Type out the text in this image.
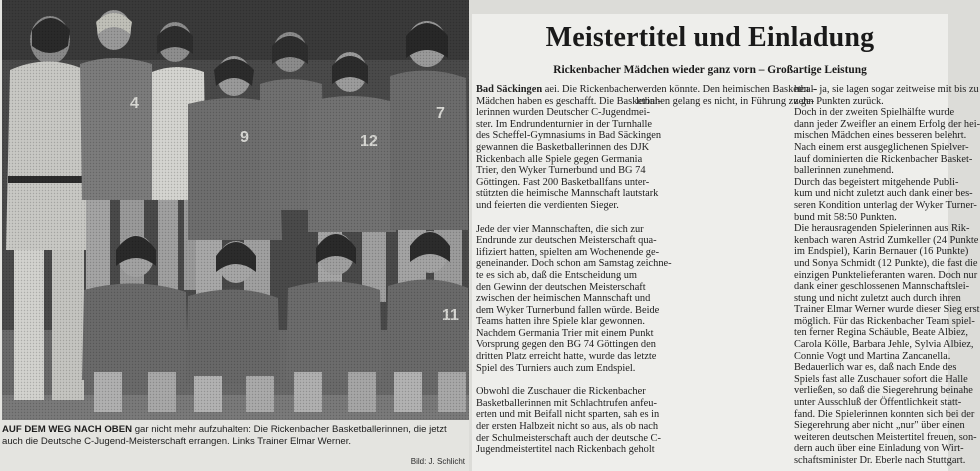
AUF DEM WEG NACH OBEN gar nicht mehr aufzuhalten: Die Rickenbacher Basketballerinnen, die jetzt auch die Deutsche C-Jugend-Meisterschaft errangen. Links Trainer Elmar Werner.
Bild: J. Schlicht
Meistertitel und Einladung
Rickenbacher Mädchen wieder ganz vorn – Großartige Leistung
Bad Säckingen aei. Die Rickenbacher
Mädchen haben es geschafft. Die Basketbal-
lerinnen wurden Deutscher C-Jugendmei-
ster. Im Endrundenturnier in der Turnhalle
des Scheffel-Gymnasiums in Bad Säckingen
gewannen die Basketballerinnen des DJK
Rickenbach alle Spiele gegen Germania
Trier, den Wyker Turnerbund und BG 74
Göttingen. Fast 200 Basketballfans unter-
stützten die heimische Mannschaft lautstark
und feierten die verdienten Sieger.
Jede der vier Mannschaften, die sich zur
Endrunde zur deutschen Meisterschaft qua-
lifiziert hatten, spielten am Wochenende ge-
geneinander. Doch schon am Samstag zeichne-
te es sich ab, daß die Entscheidung um
den Gewinn der deutschen Meisterschaft
zwischen der heimischen Mannschaft und
dem Wyker Turnerbund fallen würde. Beide
Teams hatten ihre Spiele klar gewonnen.
Nachdem Germania Trier mit einem Punkt
Vorsprung gegen den BG 74 Göttingen den
dritten Platz erreicht hatte, wurde das letzte
Spiel des Turniers auch zum Endspiel.
Obwohl die Zuschauer die Rickenbacher
Basketballerinnen mit Schlachtrufen anfeu-
erten und mit Beifall nicht sparten, sah es in
der ersten Halbzeit nicht so aus, als ob nach
der Schulmeisterschaft auch der deutsche C-
Jugendmeistertitel nach Rickenbach geholt
werden könnte. Den heimischen Basketbal-
lerinnen gelang es nicht, in Führung zu ge-
hen – ja, sie lagen sogar zeitweise mit bis zu
zehn Punkten zurück.
Doch in der zweiten Spielhälfte wurde
dann jeder Zweifler an einem Erfolg der hei-
mischen Mädchen eines besseren belehrt.
Nach einem erst ausgeglichenen Spielver-
lauf dominierten die Rickenbacher Basket-
ballerinnen zunehmend.
Durch das begeistert mitgehende Publi-
kum und nicht zuletzt auch dank einer bes-
seren Kondition unterlag der Wyker Turner-
bund mit 58:50 Punkten.
Die herausragenden Spielerinnen aus Rik-
kenbach waren Astrid Zumkeller (24 Punkte
im Endspiel), Karin Bernauer (16 Punkte)
und Sonya Schmidt (12 Punkte), die fast die
einzigen Punktelieferanten waren. Doch nur
dank einer geschlossenen Mannschaftslei-
stung und nicht zuletzt auch durch ihren
Trainer Elmar Werner wurde dieser Sieg erst
möglich. Für das Rickenbacher Team spiel-
ten ferner Regina Schäuble, Beate Albiez,
Carola Kölle, Barbara Jehle, Sylvia Albiez,
Connie Vogt und Martina Zancanella.
Bedauerlich war es, daß nach Ende des
Spiels fast alle Zuschauer sofort die Halle
verließen, so daß die Siegerehrung beinahe
unter Ausschluß der Öffentlichkeit statt-
fand. Die Spielerinnen konnten sich bei der
Siegerehrung aber nicht „nur" über einen
weiteren deutschen Meistertitel freuen, son-
dern auch über eine Einladung von Wirt-
schaftsminister Dr. Eberle nach Stuttgart.
